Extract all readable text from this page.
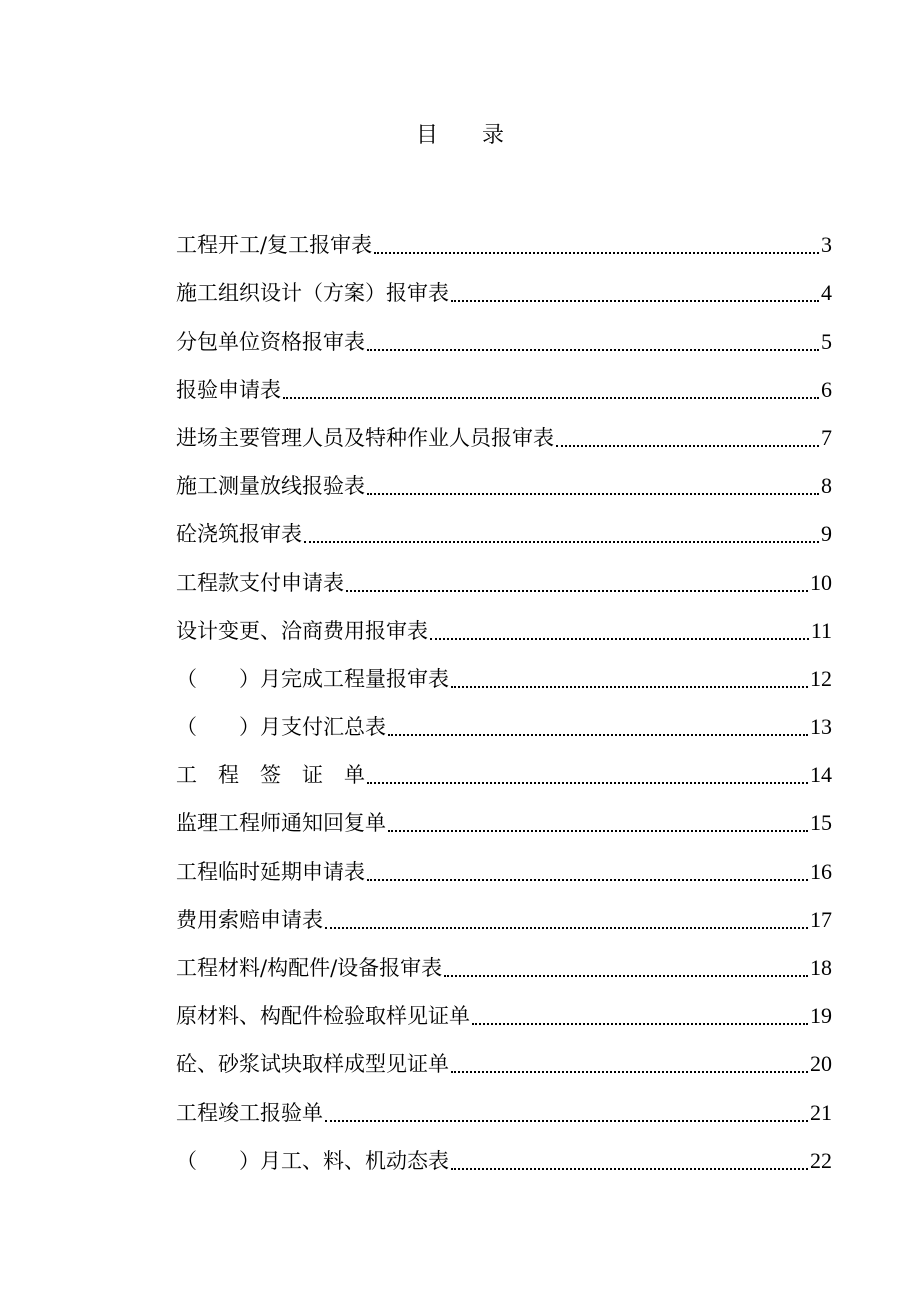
目　　录
工程开工/复工报审表	3
施工组织设计（方案）报审表	4
分包单位资格报审表	5
报验申请表	6
进场主要管理人员及特种作业人员报审表	7
施工测量放线报验表	8
砼浇筑报审表	9
工程款支付申请表	10
设计变更、洽商费用报审表	11
（　　）月完成工程量报审表	12
（　　）月支付汇总表	13
工　程　签　证　单	14
监理工程师通知回复单	15
工程临时延期申请表	16
费用索赔申请表	17
工程材料/构配件/设备报审表	18
原材料、构配件检验取样见证单	19
砼、砂浆试块取样成型见证单	20
工程竣工报验单	21
（　　）月工、料、机动态表	22
